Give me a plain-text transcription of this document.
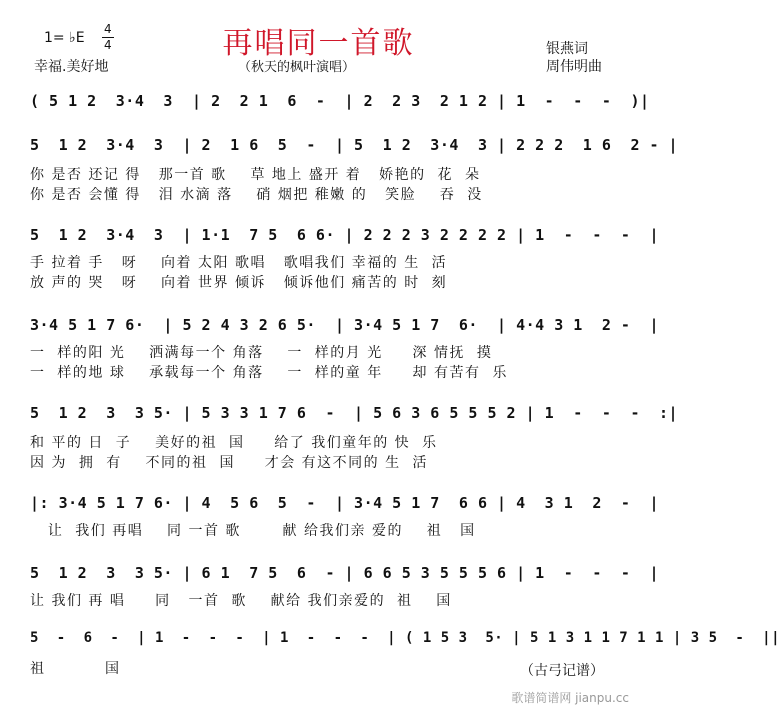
再唱同一首歌
1= ♭E
4
4
幸福.美好地	（秋天的枫叶演唱）
银燕词
周伟明曲
( 5 1 2  3·4  3  | 2  2 1  6  -  | 2  2 3  2 1 2 | 1  -  -  -  )|
5  1 2  3·4  3  | 2  1 6  5  -  | 5  1 2  3·4  3 | 2 2 2  1 6  2 - |
你 是否 还记 得   那一首 歌    草 地上 盛开 着   娇艳的  花  朵
你 是否 会懂 得   泪 水滴 落    硝 烟把 稚嫩 的   笑脸    吞  没
5  1 2  3·4  3  | 1·1  7 5  6 6· | 2 2 2 3 2 2 2 2 | 1  -  -  -  |
手 拉着 手   呀    向着 太阳 歌唱   歌唱我们 幸福的 生  活
放 声的 哭   呀    向着 世界 倾诉   倾诉他们 痛苦的 时  刻
3·4 5 1 7 6·  | 5 2 4 3 2 6 5·  | 3·4 5 1 7  6·  | 4·4 3 1  2 -  |
一  样的阳 光    洒满每一个 角落    一  样的月 光     深 情抚  摸
一  样的地 球    承载每一个 角落    一  样的童 年     却 有苦有  乐
5  1 2  3  3 5· | 5 3 3 1 7 6  -  | 5 6 3 6 5 5 5 2 | 1  -  -  -  :|
和 平的 日  子    美好的祖  国     给了 我们童年的 快  乐
因 为  拥  有    不同的祖  国     才会 有这不同的 生  活
|: 3·4 5 1 7 6· | 4  5 6  5  -  | 3·4 5 1 7  6 6 | 4  3 1  2  -  |
让  我们 再唱    同 一首 歌       献 给我们亲 爱的    祖   国
5  1 2  3  3 5· | 6 1  7 5  6  - | 6 6 5 3 5 5 5 6 | 1  -  -  -  |
让 我们 再 唱     同   一首  歌    献给 我们亲爱的  祖    国
5  -  6  -  | 1  -  -  -  | 1  -  -  -  | ( 1 5 3  5· | 5 1 3 1 1 7 1 1 | 3 5  -  ||
祖          国	（古弓记谱）
歌谱简谱网 jianpu.cc
